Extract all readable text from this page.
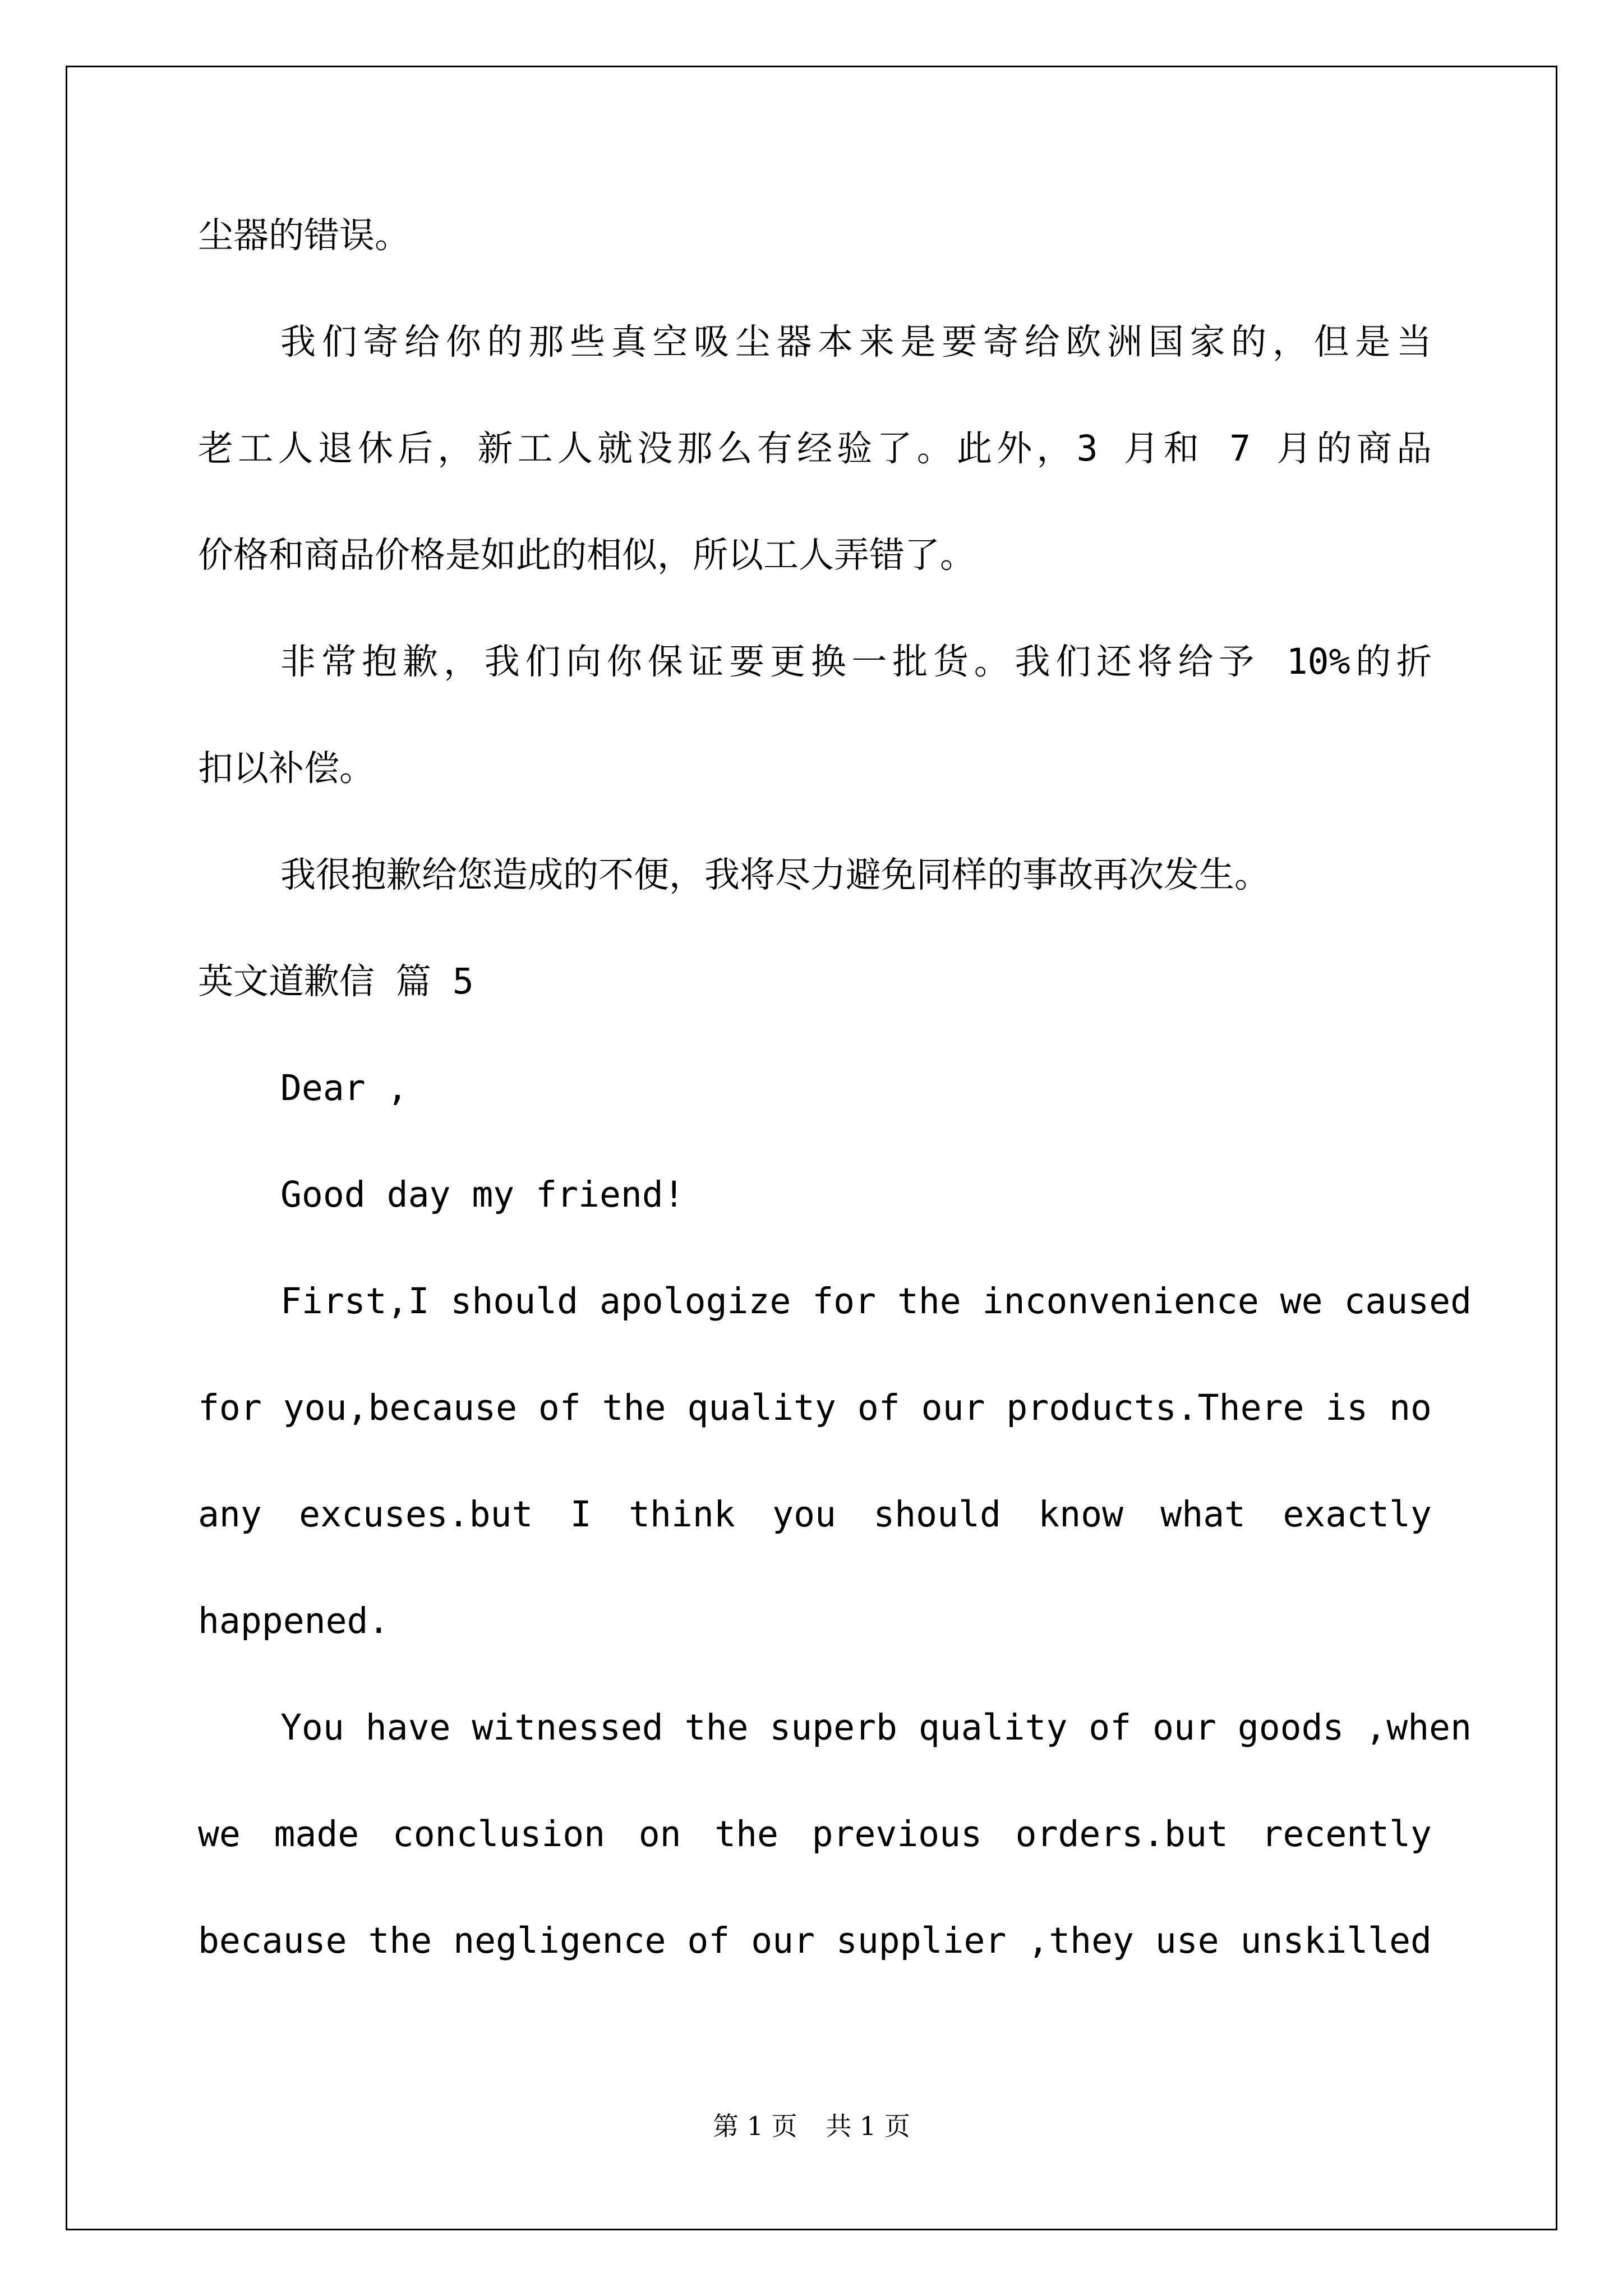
尘器的错误。
我们寄给你的那些真空吸尘器本来是要寄给欧洲国家的，但是当
老工人退休后，新工人就没那么有经验了。此外，3 月和 7 月的商品
价格和商品价格是如此的相似，所以工人弄错了。
非常抱歉，我们向你保证要更换一批货。我们还将给予 10%的折
扣以补偿。
我很抱歉给您造成的不便，我将尽力避免同样的事故再次发生。
英文道歉信 篇 5
Dear ,
Good day my friend!
First,I should apologize for the inconvenience we caused
for you,because of the quality of our products.There is no
any excuses.but I think you should know what exactly
happened.
You have witnessed the superb quality of our goods ,when
we made conclusion on the previous orders.but recently
because the negligence of our supplier ,they use unskilled
第 1 页 共 1 页
